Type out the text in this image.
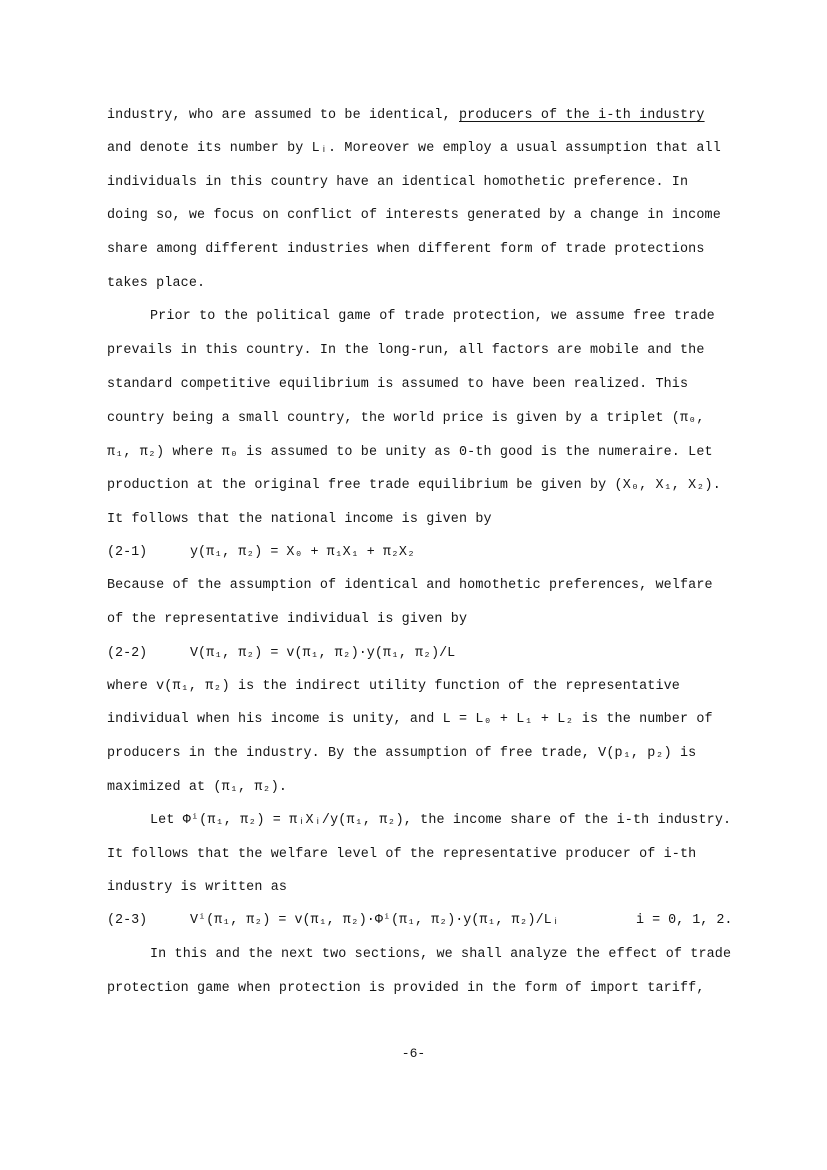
industry, who are assumed to be identical, producers of the i-th industry
and denote its number by Lᵢ. Moreover we employ a usual assumption that all
individuals in this country have an identical homothetic preference. In
doing so, we focus on conflict of interests generated by a change in income
share among different industries when different form of trade protections
takes place.
Prior to the political game of trade protection, we assume free trade
prevails in this country. In the long-run, all factors are mobile and the
standard competitive equilibrium is assumed to have been realized. This
country being a small country, the world price is given by a triplet (π₀,
π₁, π₂) where π₀ is assumed to be unity as 0-th good is the numeraire. Let
production at the original free trade equilibrium be given by (X₀, X₁, X₂).
It follows that the national income is given by
(2-1)	y(π₁, π₂) = X₀ + π₁X₁ + π₂X₂
Because of the assumption of identical and homothetic preferences, welfare
of the representative individual is given by
(2-2)	V(π₁, π₂) = v(π₁, π₂)·y(π₁, π₂)/L
where v(π₁, π₂) is the indirect utility function of the representative
individual when his income is unity, and L = L₀ + L₁ + L₂ is the number of
producers in the industry. By the assumption of free trade, V(p₁, p₂) is
maximized at (π₁, π₂).
Let Φⁱ(π₁, π₂) = πᵢXᵢ/y(π₁, π₂), the income share of the i-th industry.
It follows that the welfare level of the representative producer of i-th
industry is written as
(2-3)	Vⁱ(π₁, π₂) = v(π₁, π₂)·Φⁱ(π₁, π₂)·y(π₁, π₂)/Lᵢ	i = 0, 1, 2.
In this and the next two sections, we shall analyze the effect of trade
protection game when protection is provided in the form of import tariff,
-6-
